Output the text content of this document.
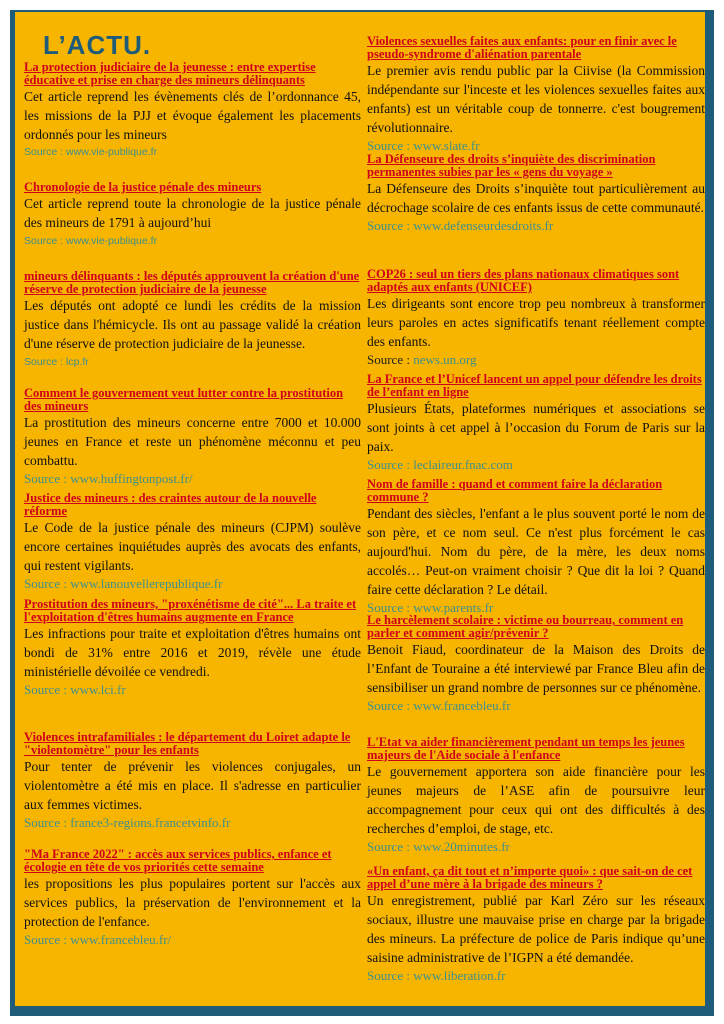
L’ACTU.
La protection judiciaire de la jeunesse : entre expertise éducative et prise en charge des mineurs délinquants

Cet article reprend les évènements clés de l’ordonnance 45, les missions de la PJJ et évoque également les placements ordonnés pour les mineurs

Source : www.vie-publique.fr
Chronologie de la justice pénale des mineurs

Cet article reprend toute la chronologie de la justice pénale des mineurs de 1791 à aujourd’hui

Source : www.vie-publique.fr
mineurs délinquants : les députés approuvent la création d'une réserve de protection judiciaire de la jeunesse

Les députés ont adopté ce lundi les crédits de la mission justice dans l'hémicycle. Ils ont au passage validé la création d'une réserve de protection judiciaire de la jeunesse.

Source : lcp.fr
Comment le gouvernement veut lutter contre la prostitution des mineurs

La prostitution des mineurs concerne entre 7000 et 10.000 jeunes en France et reste un phénomène méconnu et peu combattu.

Source : www.huffingtonpost.fr/
Justice des mineurs : des craintes autour de la nouvelle réforme

Le Code de la justice pénale des mineurs (CJPM) soulève encore certaines inquiétudes auprès des avocats des enfants, qui restent vigilants.

Source : www.lanouvellerepublique.fr
Prostitution des mineurs, "proxénétisme de cité"... La traite et l'exploitation d'êtres humains augmente en France

Les infractions pour traite et exploitation d'êtres humains ont bondi de 31% entre 2016 et 2019, révèle une étude ministérielle dévoilée ce vendredi.

Source : www.lci.fr
Violences intrafamiliales : le département du Loiret adapte le "violentomètre" pour les enfants

Pour tenter de prévenir les violences conjugales, un violentomètre a été mis en place. Il s'adresse en particulier aux femmes victimes.

Source : france3-regions.francetvinfo.fr
"Ma France 2022" : accès aux services publics, enfance et écologie en tête de vos priorités cette semaine

les propositions les plus populaires portent sur l'accès aux services publics, la préservation de l'environnement et la protection de l'enfance.

Source : www.francebleu.fr/
Violences sexuelles faites aux enfants: pour en finir avec le pseudo-syndrome d'aliénation parentale

Le premier avis rendu public par la Ciivise (la Commission indépendante sur l'inceste et les violences sexuelles faites aux enfants) est un véritable coup de tonnerre. c'est bougrement révolutionnaire.

Source : www.slate.fr
La Défenseure des droits s’inquiète des discrimination permanentes subies par les « gens du voyage »

La Défenseure des Droits s’inquiète tout particulièrement au décrochage scolaire de ces enfants issus de cette communauté.

Source : www.defenseurdesdroits.fr
COP26 : seul un tiers des plans nationaux climatiques sont adaptés aux enfants (UNICEF)

Les dirigeants sont encore trop peu nombreux à transformer leurs paroles en actes significatifs tenant réellement compte des enfants.

Source : news.un.org
La France et l’Unicef lancent un appel pour défendre les droits de l’enfant en ligne

Plusieurs États, plateformes numériques et associations se sont joints à cet appel à l’occasion du Forum de Paris sur la paix.

Source : leclaireur.fnac.com
Nom de famille : quand et comment faire la déclaration commune ?

Pendant des siècles, l'enfant a le plus souvent porté le nom de son père, et ce nom seul. Ce n'est plus forcément le cas aujourd'hui. Nom du père, de la mère, les deux noms accolés… Peut-on vraiment choisir ? Que dit la loi ? Quand faire cette déclaration ? Le détail.

Source : www.parents.fr
Le harcèlement scolaire : victime ou bourreau, comment en parler et comment agir/prévenir ?

Benoit Fiaud, coordinateur de la Maison des Droits de l’Enfant de Touraine a été interviewé par France Bleu afin de sensibiliser un grand nombre de personnes sur ce phénomène.

Source : www.francebleu.fr
L'Etat va aider financièrement pendant un temps les jeunes majeurs de l'Aide sociale à l'enfance

Le gouvernement apportera son aide financière pour les jeunes majeurs de l’ASE afin de poursuivre leur accompagnement pour ceux qui ont des difficultés à des recherches d’emploi, de stage, etc.

Source : www.20minutes.fr
«Un enfant, ça dit tout et n’importe quoi» : que sait-on de cet appel d’une mère à la brigade des mineurs ?

Un enregistrement, publié par Karl Zéro sur les réseaux sociaux, illustre une mauvaise prise en charge par la brigade des mineurs. La préfecture de police de Paris indique qu’une saisine administrative de l’IGPN a été demandée.

Source : www.liberation.fr
